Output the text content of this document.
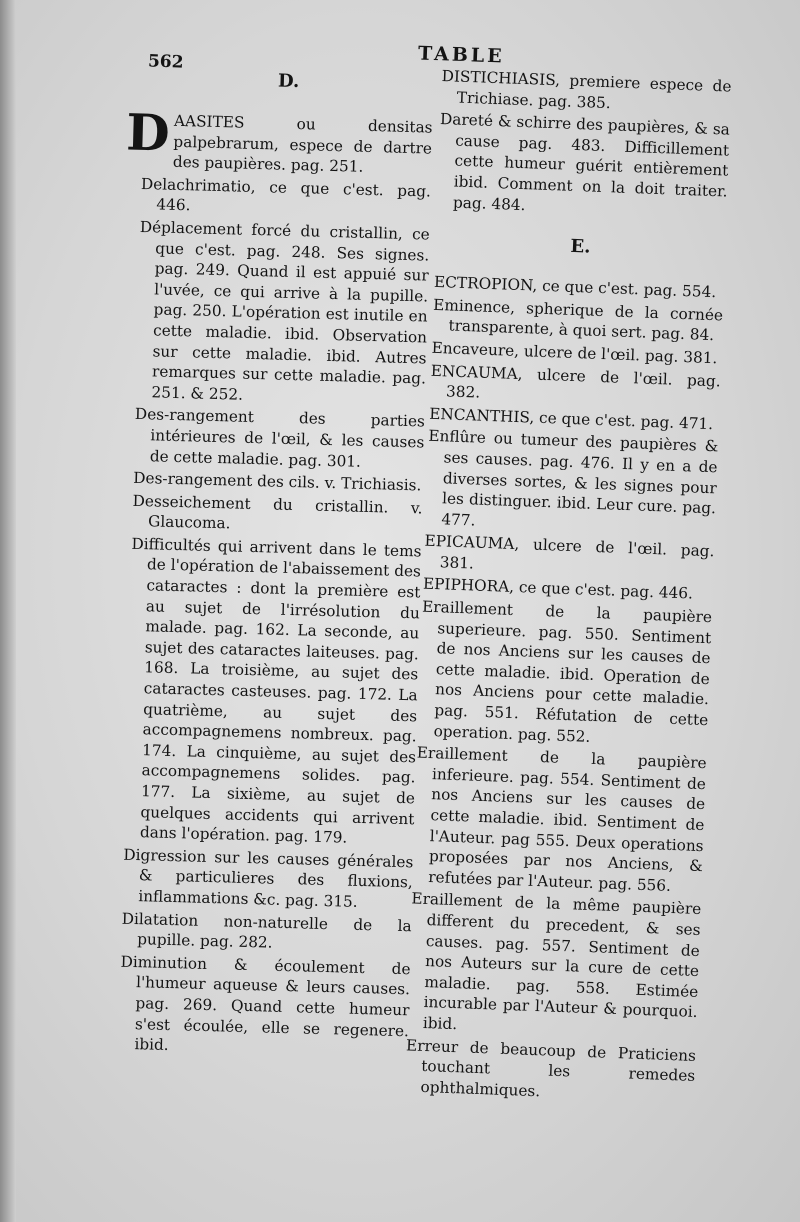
562	TABLE
D.

DAASITES ou densitas palpebrarum, espece de dartre des paupières. pag. 251.

Delachrimatio, ce que c'est. pag. 446.

Déplacement forcé du cristallin, ce que c'est. pag. 248. Ses signes. pag. 249. Quand il est appuié sur l'uvée, ce qui arrive à la pupille. pag. 250. L'opération est inutile en cette maladie. ibid. Observation sur cette maladie. ibid. Autres remarques sur cette maladie. pag. 251. & 252.

Des-rangement des parties intérieures de l'œil, & les causes de cette maladie. pag. 301.

Des-rangement des cils. v. Trichiasis.

Desseichement du cristallin. v. Glaucoma.

Difficultés qui arrivent dans le tems de l'opération de l'abaissement des cataractes : dont la première est au sujet de l'irrésolution du malade. pag. 162. La seconde, au sujet des cataractes laiteuses. pag. 168. La troisième, au sujet des cataractes casteuses. pag. 172. La quatrième, au sujet des accompagnemens nombreux. pag. 174. La cinquième, au sujet des accompagnemens solides. pag. 177. La sixième, au sujet de quelques accidents qui arrivent dans l'opération. pag. 179.

Digression sur les causes générales & particulieres des fluxions, inflammations &c. pag. 315.

Dilatation non-naturelle de la pupille. pag. 282.

Diminution & écoulement de l'humeur aqueuse & leurs causes. pag. 269. Quand cette humeur s'est écoulée, elle se regenere. ibid.

DISTICHIASIS, premiere espece de Trichiase. pag. 385.

Dareté & schirre des paupières, & sa cause pag. 483. Difficillement cette humeur guérit entièrement ibid. Comment on la doit traiter. pag. 484.

E.

ECTROPION, ce que c'est. pag. 554.

Eminence, spherique de la cornée transparente, à quoi sert. pag. 84.

Encaveure, ulcere de l'œil. pag. 381.

ENCAUMA, ulcere de l'œil. pag. 382.

ENCANTHIS, ce que c'est. pag. 471.

Enflûre ou tumeur des paupières & ses causes. pag. 476. Il y en a de diverses sortes, & les signes pour les distinguer. ibid. Leur cure. pag. 477.

EPICAUMA, ulcere de l'œil. pag. 381.

EPIPHORA, ce que c'est. pag. 446.

Eraillement de la paupière superieure. pag. 550. Sentiment de nos Anciens sur les causes de cette maladie. ibid. Operation de nos Anciens pour cette maladie. pag. 551. Réfutation de cette operation. pag. 552.

Eraillement de la paupière inferieure. pag. 554. Sentiment de nos Anciens sur les causes de cette maladie. ibid. Sentiment de l'Auteur. pag 555. Deux operations proposées par nos Anciens, & refutées par l'Auteur. pag. 556.

Eraillement de la même paupière different du precedent, & ses causes. pag. 557. Sentiment de nos Auteurs sur la cure de cette maladie. pag. 558. Estimée incurable par l'Auteur & pourquoi. ibid.

Erreur de beaucoup de Praticiens touchant les remedes ophthalmiques.
